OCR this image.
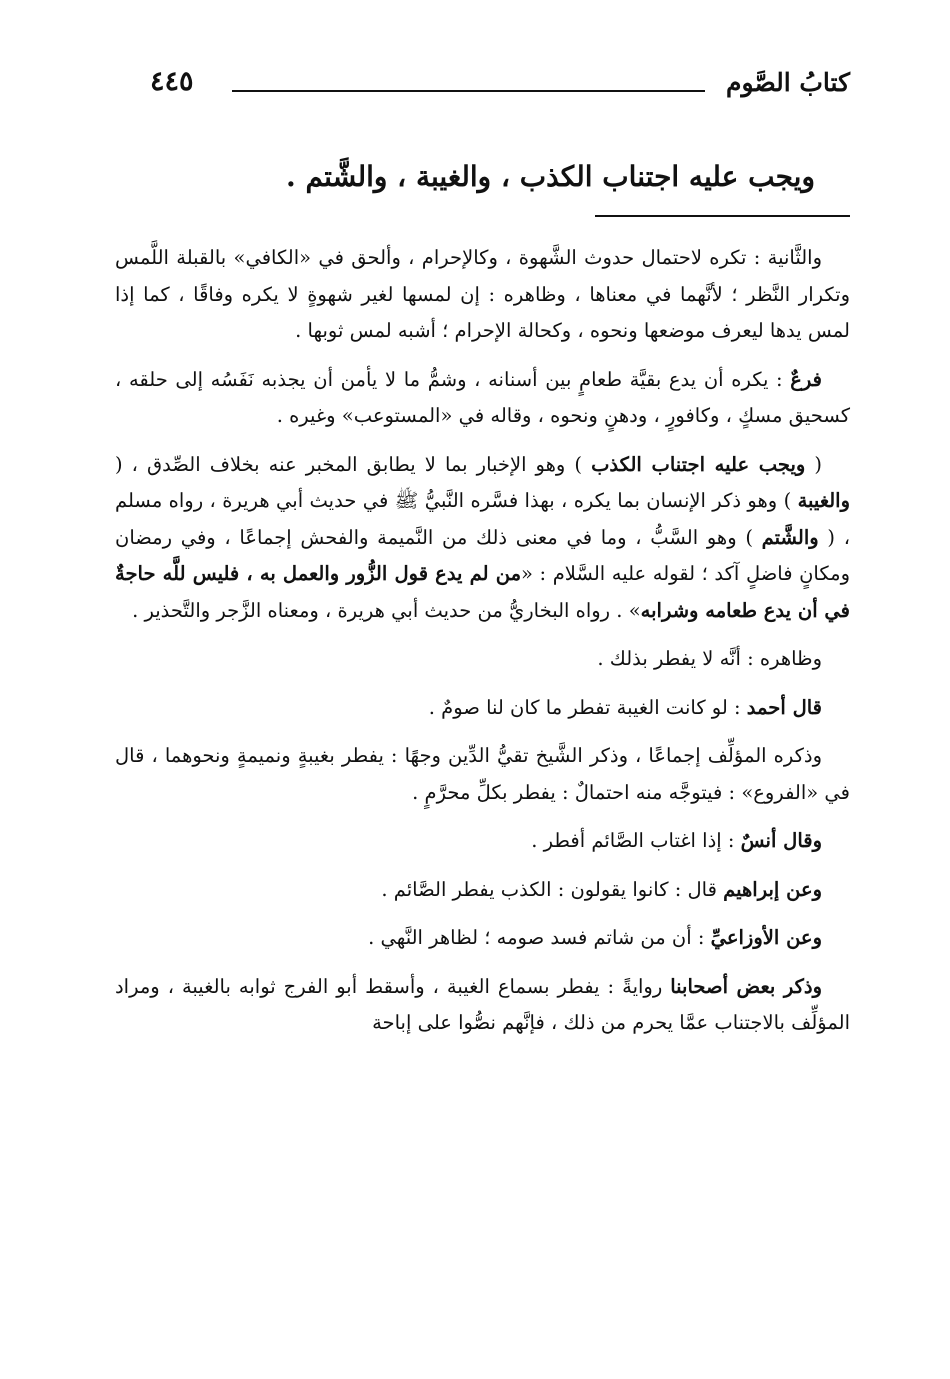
كتابُ الصَّوم
٤٤٥
ويجب عليه اجتناب الكذب ، والغيبة ، والشَّتم .

والثَّانية : تكره لاحتمال حدوث الشَّهوة ، وكالإحرام ، وألحق في «الكافي» بالقبلة اللَّمس وتكرار النَّظر ؛ لأنَّهما في معناها ، وظاهره : إن لمسها لغير شهوةٍ لا يكره وفاقًا ، كما إذا لمس يدها ليعرف موضعها ونحوه ، وكحالة الإحرام ؛ أشبه لمس ثوبها .

فرعٌ : يكره أن يدع بقيَّة طعامٍ بين أسنانه ، وشمُّ ما لا يأمن أن يجذبه نَفَسُه إلى حلقه ، كسحيق مسكٍ ، وكافورٍ ، ودهنٍ ونحوه ، وقاله في «المستوعب» وغيره .

( ويجب عليه اجتناب الكذب ) وهو الإخبار بما لا يطابق المخبر عنه بخلاف الصِّدق ، ( والغيبة ) وهو ذكر الإنسان بما يكره ، بهذا فسَّره النَّبيُّ ﷺ في حديث أبي هريرة ، رواه مسلم ، ( والشَّتم ) وهو السَّبُّ ، وما في معنى ذلك من النَّميمة والفحش إجماعًا ، وفي رمضان ومكانٍ فاضلٍ آكد ؛ لقوله عليه السَّلام : «من لم يدع قول الزُّور والعمل به ، فليس للَّه حاجةٌ في أن يدع طعامه وشرابه» . رواه البخاريُّ من حديث أبي هريرة ، ومعناه الزَّجر والتَّحذير .

وظاهره : أنَّه لا يفطر بذلك .

قال أحمد : لو كانت الغيبة تفطر ما كان لنا صومٌ .

وذكره المؤلِّف إجماعًا ، وذكر الشَّيخ تقيُّ الدِّين وجهًا : يفطر بغيبةٍ ونميمةٍ ونحوهما ، قال في «الفروع» : فيتوجَّه منه احتمالٌ : يفطر بكلِّ محرَّمٍ .

وقال أنسٌ : إذا اغتاب الصَّائم أفطر .

وعن إبراهيم قال : كانوا يقولون : الكذب يفطر الصَّائم .

وعن الأوزاعيِّ : أن من شاتم فسد صومه ؛ لظاهر النَّهي .

وذكر بعض أصحابنا روايةً : يفطر بسماع الغيبة ، وأسقط أبو الفرج ثوابه بالغيبة ، ومراد المؤلِّف بالاجتناب عمَّا يحرم من ذلك ، فإنَّهم نصُّوا على إباحة
